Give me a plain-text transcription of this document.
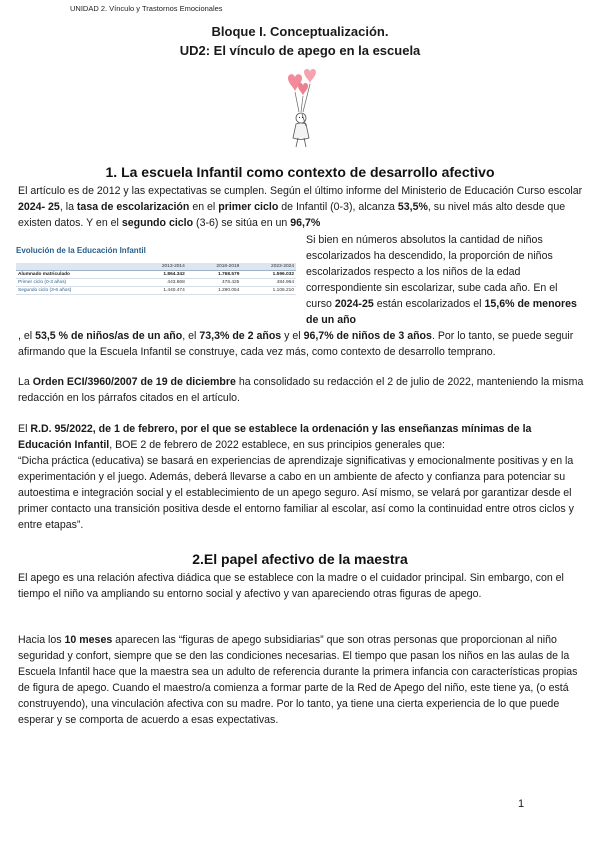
UNIDAD 2. Vínculo y Trastornos Emocionales
Bloque I. Conceptualización.
UD2: El vínculo de apego en la escuela
1. La escuela Infantil como contexto de desarrollo afectivo

El artículo es de 2012 y las expectativas se cumplen. Según el último informe del Ministerio de Educación Curso escolar 2024- 25, la tasa de escolarización en el primer ciclo de Infantil (0-3), alcanza 53,5%, su nivel más alto desde que existen datos. Y en el segundo ciclo (3-6) se sitúa en un 96,7%

Evolución de la Educación Infantil
	2013-2014	2018-2019	2023-2024
Alumnado matriculado	1.864.342	1.768.579	1.596.032
Primer ciclo (0-3 años)	443.868	478.425	484.964
Segundo ciclo (3-6 años)	1.440.474	1.290.054	1.106.210

Si bien en números absolutos la cantidad de niños escolarizados ha descendido, la proporción de niños escolarizados respecto a los niños de la edad correspondiente sin escolarizar, sube cada año. En el curso 2024-25 están escolarizados el 15,6% de menores de un año

, el 53,5 % de niños/as de un año, el 73,3% de 2 años y el 96,7% de niños de 3 años. Por lo tanto, se puede seguir afirmando que la Escuela Infantil se construye, cada vez más, como contexto de desarrollo temprano.

La Orden ECI/3960/2007 de 19 de diciembre ha consolidado su redacción el 2 de julio de 2022, manteniendo la misma redacción en los párrafos citados en el artículo.

El R.D. 95/2022, de 1 de febrero, por el que se establece la ordenación y las enseñanzas mínimas de la Educación Infantil, BOE 2 de febrero de 2022 establece, en sus principios generales que:

“Dicha práctica (educativa) se basará en experiencias de aprendizaje significativas y emocionalmente positivas y en la experimentación y el juego. Además, deberá llevarse a cabo en un ambiente de afecto y confianza para potenciar su autoestima e integración social y el establecimiento de un apego seguro. Así mismo, se velará por garantizar desde el primer contacto una transición positiva desde el entorno familiar al escolar, así como la continuidad entre otros ciclos y entre etapas”.

2.El papel afectivo de la maestra

El apego es una relación afectiva diádica que se establece con la madre o el cuidador principal. Sin embargo, con el tiempo el niño va ampliando su entorno social y afectivo y van apareciendo otras figuras de apego.

Hacia los 10 meses aparecen las “figuras de apego subsidiarias” que son otras personas que proporcionan al niño seguridad y confort, siempre que se den las condiciones necesarias. El tiempo que pasan los niños en las aulas de la Escuela Infantil hace que la maestra sea un adulto de referencia durante la primera infancia con características propias de figura de apego. Cuando el maestro/a comienza a formar parte de la Red de Apego del niño, este tiene ya, (o está construyendo), una vinculación afectiva con su madre. Por lo tanto, ya tiene una cierta experiencia de lo que puede esperar y se comporta de acuerdo a esas expectativas.

1
